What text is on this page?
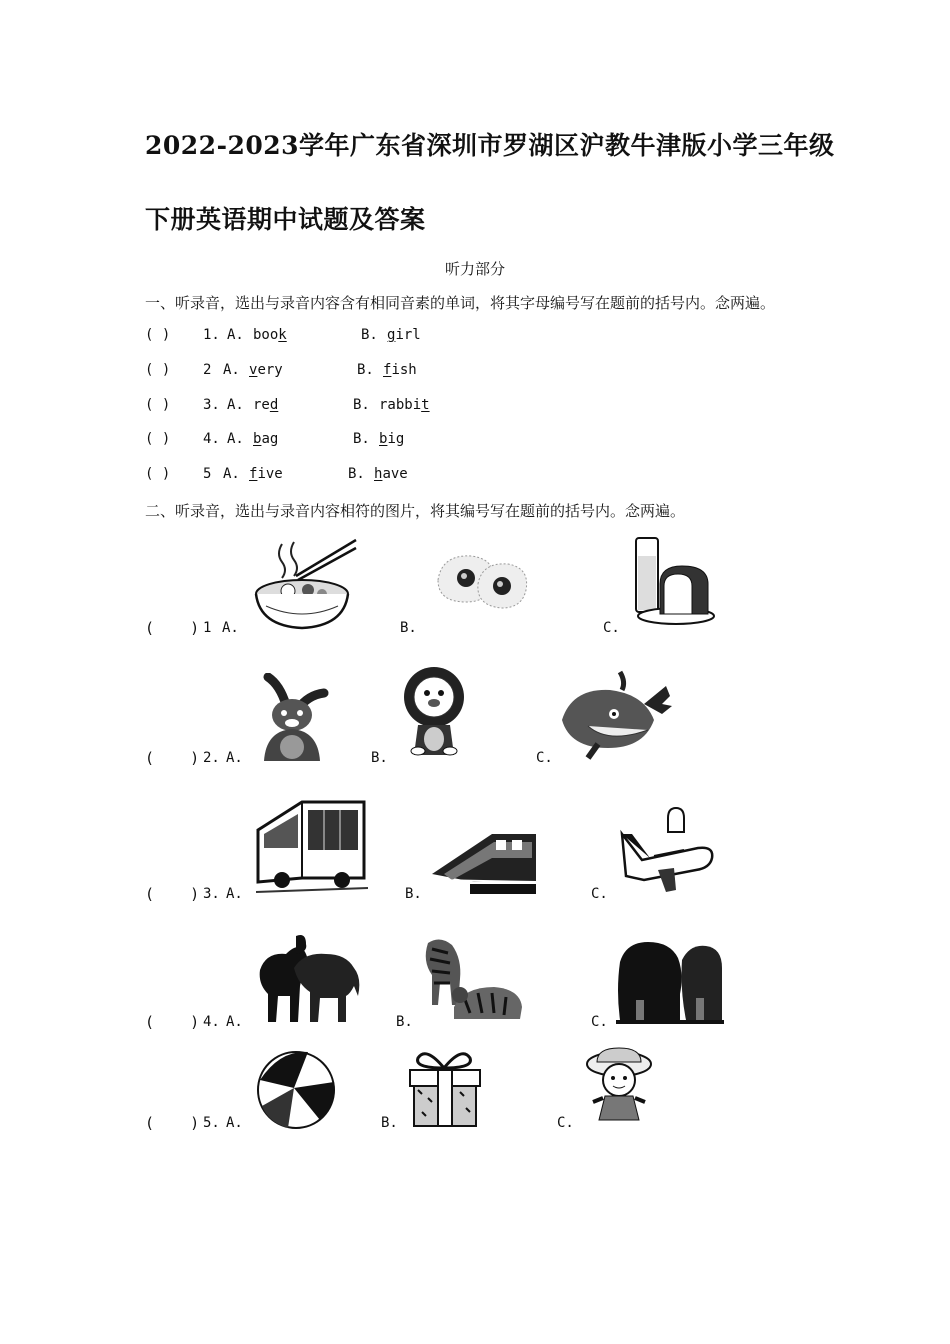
2022-2023学年广东省深圳市罗湖区沪教牛津版小学三年级
下册英语期中试题及答案
听力部分
一、听录音，选出与录音内容含有相同音素的单词，将其字母编号写在题前的括号内。念两遍。
( ) 1. A. book	B. girl
( ) 2 A. very	B. fish
( ) 3. A. red	B. rabbit
( ) 4. A. bag	B. big
( ) 5 A. five	B. have
二、听录音，选出与录音内容相符的图片，将其编号写在题前的括号内。念两遍。
(    ) 1 A.	B.	C.
(    ) 2. A.	B.	C.
(    ) 3. A.	B.	C.
(    ) 4. A.	B.	C.
(    ) 5. A.	B.	C.
